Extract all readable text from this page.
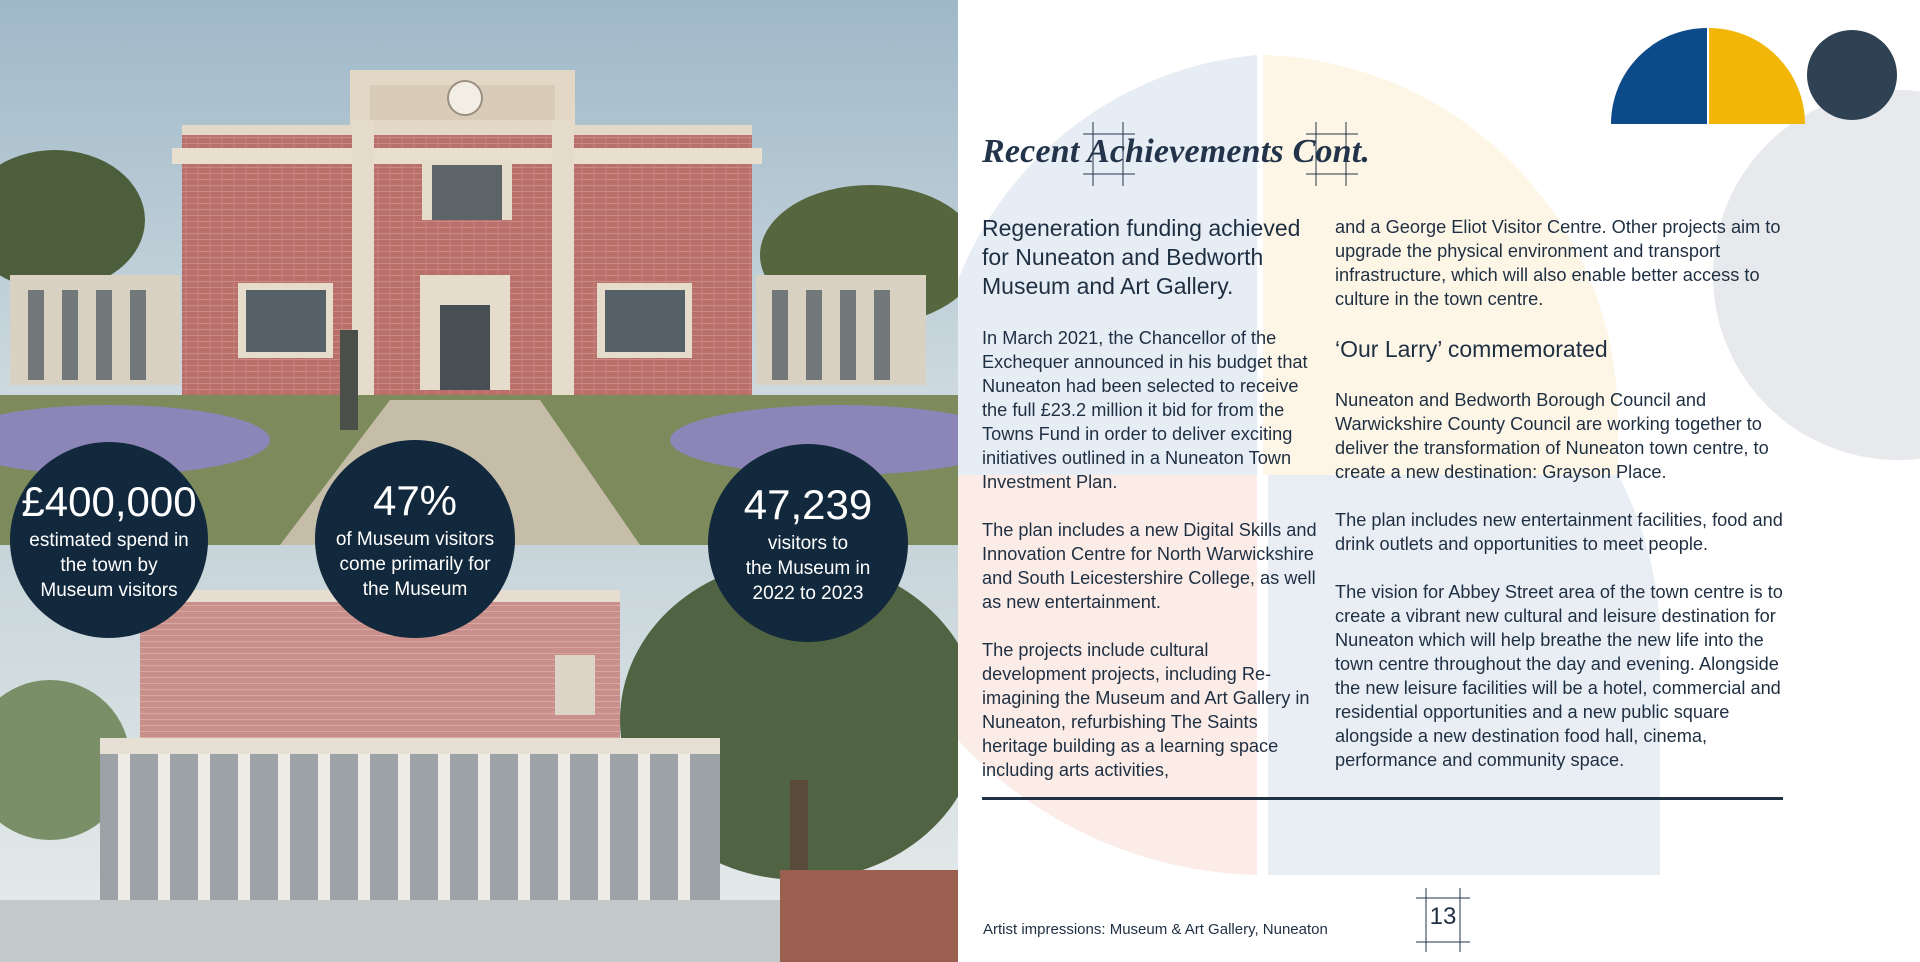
£400,000
estimated spend in
the town by
Museum visitors
47%
of Museum visitors
come primarily for
the Museum
47,239
visitors to
the Museum in
2022 to 2023
Recent Achievements Cont.
Regeneration funding achieved for Nuneaton and Bedworth Museum and Art Gallery.

In March 2021, the Chancellor of the Exchequer announced in his budget that Nuneaton had been selected to receive the full £23.2 million it bid for from the Towns Fund in order to deliver exciting initiatives outlined in a Nuneaton Town Investment Plan.

The plan includes a new Digital Skills and Innovation Centre for North Warwickshire and South Leicestershire College, as well as new entertainment.

The projects include cultural development projects, including Re-imagining the Museum and Art Gallery in Nuneaton, refurbishing The Saints heritage building as a learning space including arts activities,

and a George Eliot Visitor Centre. Other projects aim to upgrade the physical environment and transport infrastructure, which will also enable better access to culture in the town centre.

‘Our Larry’ commemorated

Nuneaton and Bedworth Borough Council and Warwickshire County Council are working together to deliver the transformation of Nuneaton town centre, to create a new destination: Grayson Place.

The plan includes new entertainment facilities, food and drink outlets and opportunities to meet people.

The vision for Abbey Street area of the town centre is to create a vibrant new cultural and leisure destination for Nuneaton which will help breathe the new life into the town centre throughout the day and evening. Alongside the new leisure facilities will be a hotel, commercial and residential opportunities and a new public square alongside a new destination food hall, cinema, performance and community space.

Artist impressions: Museum & Art Gallery, Nuneaton	13
